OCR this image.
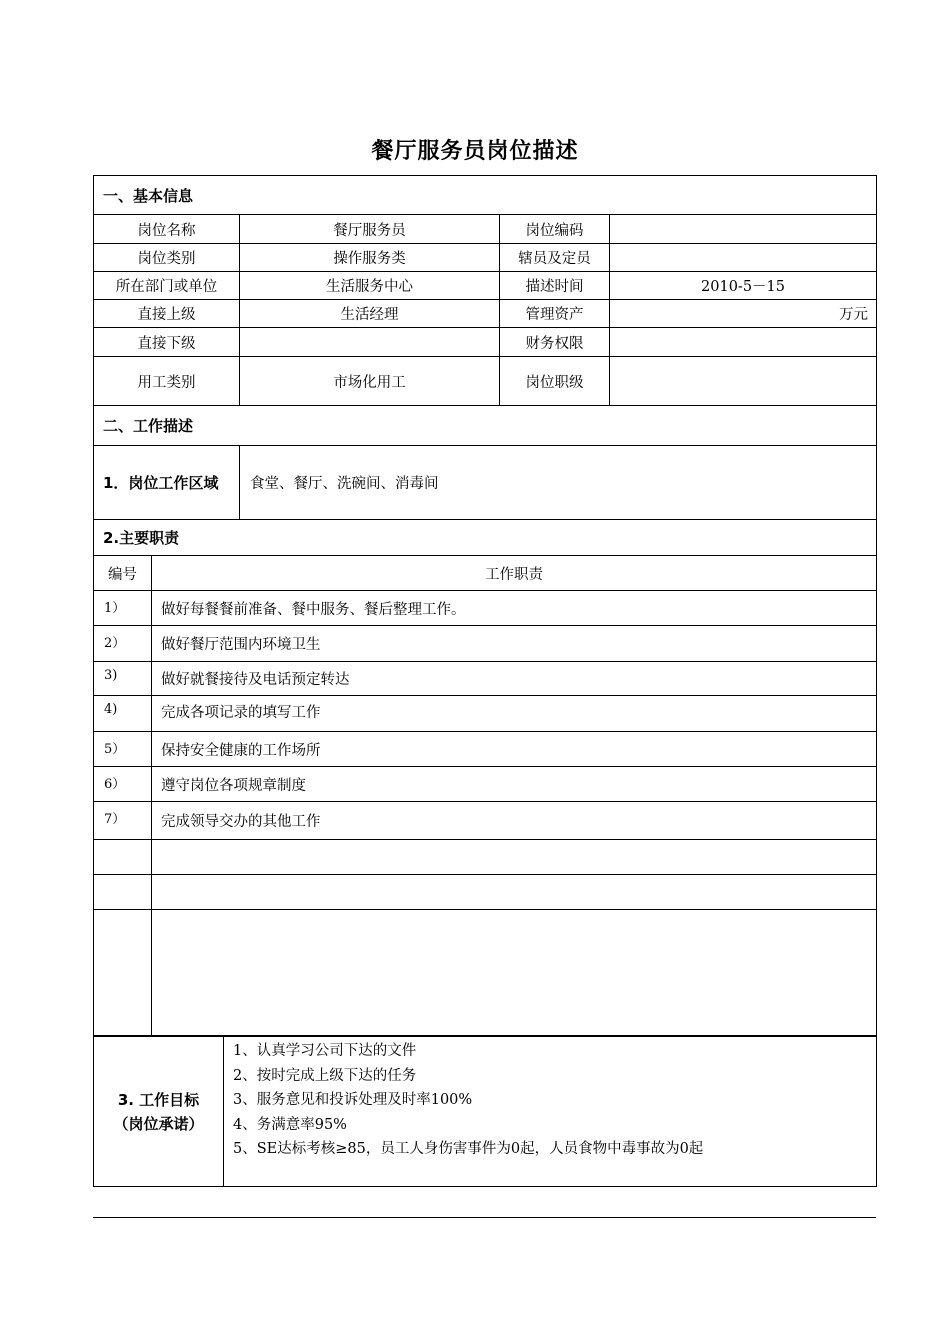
餐厅服务员岗位描述
一、基本信息			
岗位名称	餐厅服务员	岗位编码	
岗位类别	操作服务类	辖员及定员	
所在部门或单位	生活服务中心	描述时间	2010-5－15
直接上级	生活经理	管理资产	万元
直接下级		财务权限	
用工类别	市场化用工	岗位职级	
二、工作描述			
1．岗位工作区域	食堂、餐厅、洗碗间、消毒间		
2.主要职责	
编号	工作职责
1）	做好每餐餐前准备、餐中服务、餐后整理工作。
2）	做好餐厅范围内环境卫生
3)	做好就餐接待及电话预定转达
4)	完成各项记录的填写工作
5）	保持安全健康的工作场所
6）	遵守岗位各项规章制度
7）	完成领导交办的其他工作

3. 工作目标
（岗位承诺）

1、认真学习公司下达的文件
2、按时完成上级下达的任务
3、服务意见和投诉处理及时率100%
4、务满意率95%
5、SE达标考核≥85，员工人身伤害事件为0起，人员食物中毒事故为0起
